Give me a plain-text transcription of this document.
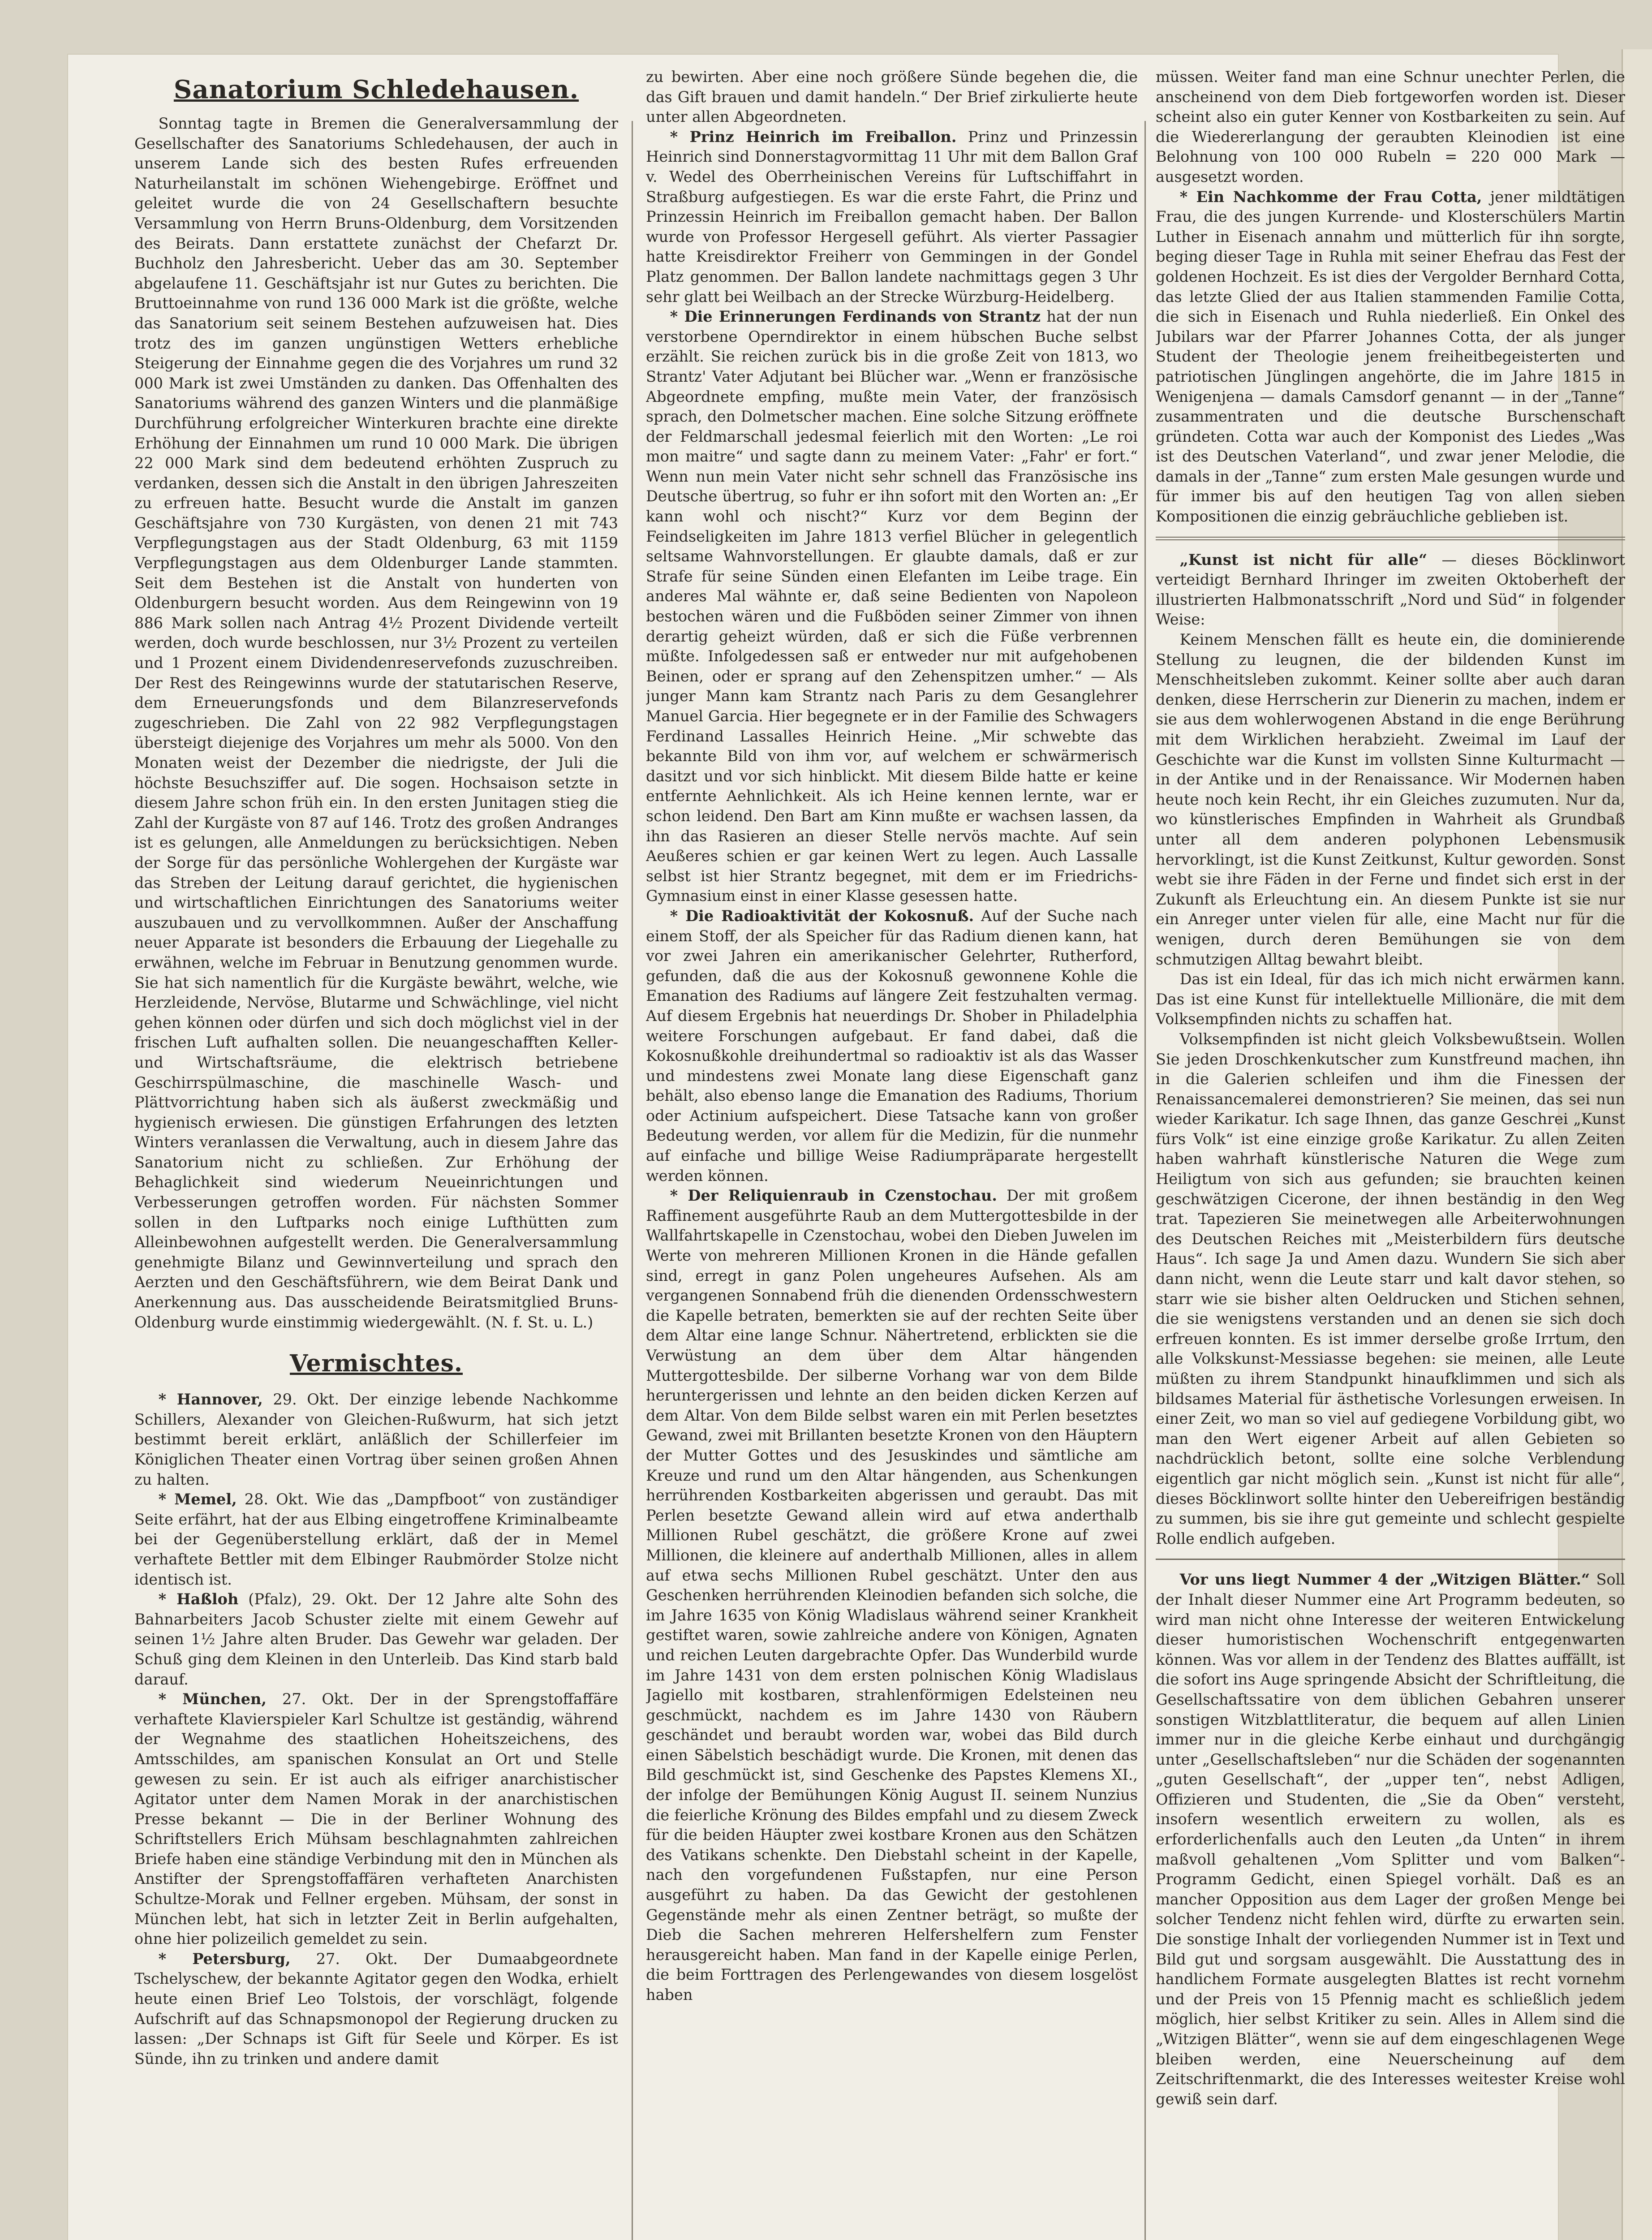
Sanatorium Schledehausen.

Sonntag tagte in Bremen die Generalversammlung der Gesellschafter des Sanatoriums Schledehausen, der auch in unserem Lande sich des besten Rufes erfreuenden Naturheilanstalt im schönen Wiehengebirge. Eröffnet und geleitet wurde die von 24 Gesellschaftern besuchte Versammlung von Herrn Bruns-Oldenburg, dem Vorsitzenden des Beirats. Dann erstattete zunächst der Chefarzt Dr. Buchholz den Jahresbericht. Ueber das am 30. September abgelaufene 11. Geschäftsjahr ist nur Gutes zu berichten. Die Bruttoeinnahme von rund 136 000 Mark ist die größte, welche das Sanatorium seit seinem Bestehen aufzuweisen hat. Dies trotz des im ganzen ungünstigen Wetters erhebliche Steigerung der Einnahme gegen die des Vorjahres um rund 32 000 Mark ist zwei Umständen zu danken. Das Offenhalten des Sanatoriums während des ganzen Winters und die planmäßige Durchführung erfolgreicher Winterkuren brachte eine direkte Erhöhung der Einnahmen um rund 10 000 Mark. Die übrigen 22 000 Mark sind dem bedeutend erhöhten Zuspruch zu verdanken, dessen sich die Anstalt in den übrigen Jahreszeiten zu erfreuen hatte. Besucht wurde die Anstalt im ganzen Geschäftsjahre von 730 Kurgästen, von denen 21 mit 743 Verpflegungstagen aus der Stadt Oldenburg, 63 mit 1159 Verpflegungstagen aus dem Oldenburger Lande stammten. Seit dem Bestehen ist die Anstalt von hunderten von Oldenburgern besucht worden. Aus dem Reingewinn von 19 886 Mark sollen nach Antrag 4½ Prozent Dividende verteilt werden, doch wurde beschlossen, nur 3½ Prozent zu verteilen und 1 Prozent einem Dividendenreservefonds zuzuschreiben. Der Rest des Reingewinns wurde der statutarischen Reserve, dem Erneuerungsfonds und dem Bilanzreservefonds zugeschrieben. Die Zahl von 22 982 Verpflegungstagen übersteigt diejenige des Vorjahres um mehr als 5000. Von den Monaten weist der Dezember die niedrigste, der Juli die höchste Besuchsziffer auf. Die sogen. Hochsaison setzte in diesem Jahre schon früh ein. In den ersten Junitagen stieg die Zahl der Kurgäste von 87 auf 146. Trotz des großen Andranges ist es gelungen, alle Anmeldungen zu berücksichtigen. Neben der Sorge für das persönliche Wohlergehen der Kurgäste war das Streben der Leitung darauf gerichtet, die hygienischen und wirtschaftlichen Einrichtungen des Sanatoriums weiter auszubauen und zu vervollkommnen. Außer der Anschaffung neuer Apparate ist besonders die Erbauung der Liegehalle zu erwähnen, welche im Februar in Benutzung genommen wurde. Sie hat sich namentlich für die Kurgäste bewährt, welche, wie Herzleidende, Nervöse, Blutarme und Schwächlinge, viel nicht gehen können oder dürfen und sich doch möglichst viel in der frischen Luft aufhalten sollen. Die neuangeschafften Keller- und Wirtschaftsräume, die elektrisch betriebene Geschirrspülmaschine, die maschinelle Wasch- und Plättvorrichtung haben sich als äußerst zweckmäßig und hygienisch erwiesen. Die günstigen Erfahrungen des letzten Winters veranlassen die Verwaltung, auch in diesem Jahre das Sanatorium nicht zu schließen. Zur Erhöhung der Behaglichkeit sind wiederum Neueinrichtungen und Verbesserungen getroffen worden. Für nächsten Sommer sollen in den Luftparks noch einige Lufthütten zum Alleinbewohnen aufgestellt werden. Die Generalversammlung genehmigte Bilanz und Gewinnverteilung und sprach den Aerzten und den Geschäftsführern, wie dem Beirat Dank und Anerkennung aus. Das ausscheidende Beiratsmitglied Bruns-Oldenburg wurde einstimmig wiedergewählt. (N. f. St. u. L.)

Vermischtes.

* Hannover, 29. Okt. Der einzige lebende Nachkomme Schillers, Alexander von Gleichen-Rußwurm, hat sich jetzt bestimmt bereit erklärt, anläßlich der Schillerfeier im Königlichen Theater einen Vortrag über seinen großen Ahnen zu halten.

* Memel, 28. Okt. Wie das „Dampfboot“ von zuständiger Seite erfährt, hat der aus Elbing eingetroffene Kriminalbeamte bei der Gegenüberstellung erklärt, daß der in Memel verhaftete Bettler mit dem Elbinger Raubmörder Stolze nicht identisch ist.

* Haßloh (Pfalz), 29. Okt. Der 12 Jahre alte Sohn des Bahnarbeiters Jacob Schuster zielte mit einem Gewehr auf seinen 1½ Jahre alten Bruder. Das Gewehr war geladen. Der Schuß ging dem Kleinen in den Unterleib. Das Kind starb bald darauf.

* München, 27. Okt. Der in der Sprengstoffaffäre verhaftete Klavierspieler Karl Schultze ist geständig, während der Wegnahme des staatlichen Hoheitszeichens, des Amtsschildes, am spanischen Konsulat an Ort und Stelle gewesen zu sein. Er ist auch als eifriger anarchistischer Agitator unter dem Namen Morak in der anarchistischen Presse bekannt — Die in der Berliner Wohnung des Schriftstellers Erich Mühsam beschlagnahmten zahlreichen Briefe haben eine ständige Verbindung mit den in München als Anstifter der Sprengstoffaffären verhafteten Anarchisten Schultze-Morak und Fellner ergeben. Mühsam, der sonst in München lebt, hat sich in letzter Zeit in Berlin aufgehalten, ohne hier polizeilich gemeldet zu sein.

* Petersburg, 27. Okt. Der Dumaabgeordnete Tschelyschew, der bekannte Agitator gegen den Wodka, erhielt heute einen Brief Leo Tolstois, der vorschlägt, folgende Aufschrift auf das Schnapsmonopol der Regierung drucken zu lassen: „Der Schnaps ist Gift für Seele und Körper. Es ist Sünde, ihn zu trinken und andere damit

zu bewirten. Aber eine noch größere Sünde begehen die, die das Gift brauen und damit handeln.“ Der Brief zirkulierte heute unter allen Abgeordneten.

* Prinz Heinrich im Freiballon. Prinz und Prinzessin Heinrich sind Donnerstagvormittag 11 Uhr mit dem Ballon Graf v. Wedel des Oberrheinischen Vereins für Luftschiffahrt in Straßburg aufgestiegen. Es war die erste Fahrt, die Prinz und Prinzessin Heinrich im Freiballon gemacht haben. Der Ballon wurde von Professor Hergesell geführt. Als vierter Passagier hatte Kreisdirektor Freiherr von Gemmingen in der Gondel Platz genommen. Der Ballon landete nachmittags gegen 3 Uhr sehr glatt bei Weilbach an der Strecke Würzburg-Heidelberg.

* Die Erinnerungen Ferdinands von Strantz hat der nun verstorbene Operndirektor in einem hübschen Buche selbst erzählt. Sie reichen zurück bis in die große Zeit von 1813, wo Strantz' Vater Adjutant bei Blücher war. „Wenn er französische Abgeordnete empfing, mußte mein Vater, der französisch sprach, den Dolmetscher machen. Eine solche Sitzung eröffnete der Feldmarschall jedesmal feierlich mit den Worten: „Le roi mon maitre“ und sagte dann zu meinem Vater: „Fahr' er fort.“ Wenn nun mein Vater nicht sehr schnell das Französische ins Deutsche übertrug, so fuhr er ihn sofort mit den Worten an: „Er kann wohl och nischt?“ Kurz vor dem Beginn der Feindseligkeiten im Jahre 1813 verfiel Blücher in gelegentlich seltsame Wahnvorstellungen. Er glaubte damals, daß er zur Strafe für seine Sünden einen Elefanten im Leibe trage. Ein anderes Mal wähnte er, daß seine Bedienten von Napoleon bestochen wären und die Fußböden seiner Zimmer von ihnen derartig geheizt würden, daß er sich die Füße verbrennen müßte. Infolgedessen saß er entweder nur mit aufgehobenen Beinen, oder er sprang auf den Zehenspitzen umher.“ — Als junger Mann kam Strantz nach Paris zu dem Gesanglehrer Manuel Garcia. Hier begegnete er in der Familie des Schwagers Ferdinand Lassalles Heinrich Heine. „Mir schwebte das bekannte Bild von ihm vor, auf welchem er schwärmerisch dasitzt und vor sich hinblickt. Mit diesem Bilde hatte er keine entfernte Aehnlichkeit. Als ich Heine kennen lernte, war er schon leidend. Den Bart am Kinn mußte er wachsen lassen, da ihn das Rasieren an dieser Stelle nervös machte. Auf sein Aeußeres schien er gar keinen Wert zu legen. Auch Lassalle selbst ist hier Strantz begegnet, mit dem er im Friedrichs-Gymnasium einst in einer Klasse gesessen hatte.

* Die Radioaktivität der Kokosnuß. Auf der Suche nach einem Stoff, der als Speicher für das Radium dienen kann, hat vor zwei Jahren ein amerikanischer Gelehrter, Rutherford, gefunden, daß die aus der Kokosnuß gewonnene Kohle die Emanation des Radiums auf längere Zeit festzuhalten vermag. Auf diesem Ergebnis hat neuerdings Dr. Shober in Philadelphia weitere Forschungen aufgebaut. Er fand dabei, daß die Kokosnußkohle dreihundertmal so radioaktiv ist als das Wasser und mindestens zwei Monate lang diese Eigenschaft ganz behält, also ebenso lange die Emanation des Radiums, Thorium oder Actinium aufspeichert. Diese Tatsache kann von großer Bedeutung werden, vor allem für die Medizin, für die nunmehr auf einfache und billige Weise Radiumpräparate hergestellt werden können.

* Der Reliquienraub in Czenstochau. Der mit großem Raffinement ausgeführte Raub an dem Muttergottesbilde in der Wallfahrtskapelle in Czenstochau, wobei den Dieben Juwelen im Werte von mehreren Millionen Kronen in die Hände gefallen sind, erregt in ganz Polen ungeheures Aufsehen. Als am vergangenen Sonnabend früh die dienenden Ordensschwestern die Kapelle betraten, bemerkten sie auf der rechten Seite über dem Altar eine lange Schnur. Nähertretend, erblickten sie die Verwüstung an dem über dem Altar hängenden Muttergottesbilde. Der silberne Vorhang war von dem Bilde heruntergerissen und lehnte an den beiden dicken Kerzen auf dem Altar. Von dem Bilde selbst waren ein mit Perlen besetztes Gewand, zwei mit Brillanten besetzte Kronen von den Häuptern der Mutter Gottes und des Jesuskindes und sämtliche am Kreuze und rund um den Altar hängenden, aus Schenkungen herrührenden Kostbarkeiten abgerissen und geraubt. Das mit Perlen besetzte Gewand allein wird auf etwa anderthalb Millionen Rubel geschätzt, die größere Krone auf zwei Millionen, die kleinere auf anderthalb Millionen, alles in allem auf etwa sechs Millionen Rubel geschätzt. Unter den aus Geschenken herrührenden Kleinodien befanden sich solche, die im Jahre 1635 von König Wladislaus während seiner Krankheit gestiftet waren, sowie zahlreiche andere von Königen, Agnaten und reichen Leuten dargebrachte Opfer. Das Wunderbild wurde im Jahre 1431 von dem ersten polnischen König Wladislaus Jagiello mit kostbaren, strahlenförmigen Edelsteinen neu geschmückt, nachdem es im Jahre 1430 von Räubern geschändet und beraubt worden war, wobei das Bild durch einen Säbelstich beschädigt wurde. Die Kronen, mit denen das Bild geschmückt ist, sind Geschenke des Papstes Klemens XI., der infolge der Bemühungen König August II. seinem Nunzius die feierliche Krönung des Bildes empfahl und zu diesem Zweck für die beiden Häupter zwei kostbare Kronen aus den Schätzen des Vatikans schenkte. Den Diebstahl scheint in der Kapelle, nach den vorgefundenen Fußstapfen, nur eine Person ausgeführt zu haben. Da das Gewicht der gestohlenen Gegenstände mehr als einen Zentner beträgt, so mußte der Dieb die Sachen mehreren Helfershelfern zum Fenster herausgereicht haben. Man fand in der Kapelle einige Perlen, die beim Forttragen des Perlengewandes von diesem losgelöst haben

müssen. Weiter fand man eine Schnur unechter Perlen, die anscheinend von dem Dieb fortgeworfen worden ist. Dieser scheint also ein guter Kenner von Kostbarkeiten zu sein. Auf die Wiedererlangung der geraubten Kleinodien ist eine Belohnung von 100 000 Rubeln = 220 000 Mark — ausgesetzt worden.

* Ein Nachkomme der Frau Cotta, jener mildtätigen Frau, die des jungen Kurrende- und Klosterschülers Martin Luther in Eisenach annahm und mütterlich für ihn sorgte, beging dieser Tage in Ruhla mit seiner Ehefrau das Fest der goldenen Hochzeit. Es ist dies der Vergolder Bernhard Cotta, das letzte Glied der aus Italien stammenden Familie Cotta, die sich in Eisenach und Ruhla niederließ. Ein Onkel des Jubilars war der Pfarrer Johannes Cotta, der als junger Student der Theologie jenem freiheitbegeisterten und patriotischen Jünglingen angehörte, die im Jahre 1815 in Wenigenjena — damals Camsdorf genannt — in der „Tanne“ zusammentraten und die deutsche Burschenschaft gründeten. Cotta war auch der Komponist des Liedes „Was ist des Deutschen Vaterland“, und zwar jener Melodie, die damals in der „Tanne“ zum ersten Male gesungen wurde und für immer bis auf den heutigen Tag von allen sieben Kompositionen die einzig gebräuchliche geblieben ist.

„Kunst ist nicht für alle“ — dieses Böcklinwort verteidigt Bernhard Ihringer im zweiten Oktoberheft der illustrierten Halbmonatsschrift „Nord und Süd“ in folgender Weise:

Keinem Menschen fällt es heute ein, die dominierende Stellung zu leugnen, die der bildenden Kunst im Menschheitsleben zukommt. Keiner sollte aber auch daran denken, diese Herrscherin zur Dienerin zu machen, indem er sie aus dem wohlerwogenen Abstand in die enge Berührung mit dem Wirklichen herabzieht. Zweimal im Lauf der Geschichte war die Kunst im vollsten Sinne Kulturmacht — in der Antike und in der Renaissance. Wir Modernen haben heute noch kein Recht, ihr ein Gleiches zuzumuten. Nur da, wo künstlerisches Empfinden in Wahrheit als Grundbaß unter all dem anderen polyphonen Lebensmusik hervorklingt, ist die Kunst Zeitkunst, Kultur geworden. Sonst webt sie ihre Fäden in der Ferne und findet sich erst in der Zukunft als Erleuchtung ein. An diesem Punkte ist sie nur ein Anreger unter vielen für alle, eine Macht nur für die wenigen, durch deren Bemühungen sie von dem schmutzigen Alltag bewahrt bleibt.

Das ist ein Ideal, für das ich mich nicht erwärmen kann. Das ist eine Kunst für intellektuelle Millionäre, die mit dem Volksempfinden nichts zu schaffen hat.

Volksempfinden ist nicht gleich Volksbewußtsein. Wollen Sie jeden Droschkenkutscher zum Kunstfreund machen, ihn in die Galerien schleifen und ihm die Finessen der Renaissancemalerei demonstrieren? Sie meinen, das sei nun wieder Karikatur. Ich sage Ihnen, das ganze Geschrei „Kunst fürs Volk“ ist eine einzige große Karikatur. Zu allen Zeiten haben wahrhaft künstlerische Naturen die Wege zum Heiligtum von sich aus gefunden; sie brauchten keinen geschwätzigen Cicerone, der ihnen beständig in den Weg trat. Tapezieren Sie meinetwegen alle Arbeiterwohnungen des Deutschen Reiches mit „Meisterbildern fürs deutsche Haus“. Ich sage Ja und Amen dazu. Wundern Sie sich aber dann nicht, wenn die Leute starr und kalt davor stehen, so starr wie sie bisher alten Oeldrucken und Stichen sehnen, die sie wenigstens verstanden und an denen sie sich doch erfreuen konnten. Es ist immer derselbe große Irrtum, den alle Volkskunst-Messiasse begehen: sie meinen, alle Leute müßten zu ihrem Standpunkt hinaufklimmen und sich als bildsames Material für ästhetische Vorlesungen erweisen. In einer Zeit, wo man so viel auf gediegene Vorbildung gibt, wo man den Wert eigener Arbeit auf allen Gebieten so nachdrücklich betont, sollte eine solche Verblendung eigentlich gar nicht möglich sein. „Kunst ist nicht für alle“, dieses Böcklinwort sollte hinter den Uebereifrigen beständig zu summen, bis sie ihre gut gemeinte und schlecht gespielte Rolle endlich aufgeben.

Vor uns liegt Nummer 4 der „Witzigen Blätter.“ Soll der Inhalt dieser Nummer eine Art Programm bedeuten, so wird man nicht ohne Interesse der weiteren Entwickelung dieser humoristischen Wochenschrift entgegenwarten können. Was vor allem in der Tendenz des Blattes auffällt, ist die sofort ins Auge springende Absicht der Schriftleitung, die Gesellschaftssatire von dem üblichen Gebahren unserer sonstigen Witzblattliteratur, die bequem auf allen Linien immer nur in die gleiche Kerbe einhaut und durchgängig unter „Gesellschaftsleben“ nur die Schäden der sogenannten „guten Gesellschaft“, der „upper ten“, nebst Adligen, Offizieren und Studenten, die „Sie da Oben“ versteht, insofern wesentlich erweitern zu wollen, als es erforderlichenfalls auch den Leuten „da Unten“ in ihrem maßvoll gehaltenen „Vom Splitter und vom Balken“-Programm Gedicht, einen Spiegel vorhält. Daß es an mancher Opposition aus dem Lager der großen Menge bei solcher Tendenz nicht fehlen wird, dürfte zu erwarten sein. Die sonstige Inhalt der vorliegenden Nummer ist in Text und Bild gut und sorgsam ausgewählt. Die Ausstattung des in handlichem Formate ausgelegten Blattes ist recht vornehm und der Preis von 15 Pfennig macht es schließlich jedem möglich, hier selbst Kritiker zu sein. Alles in Allem sind die „Witzigen Blätter“, wenn sie auf dem eingeschlagenen Wege bleiben werden, eine Neuerscheinung auf dem Zeitschriftenmarkt, die des Interesses weitester Kreise wohl gewiß sein darf.
